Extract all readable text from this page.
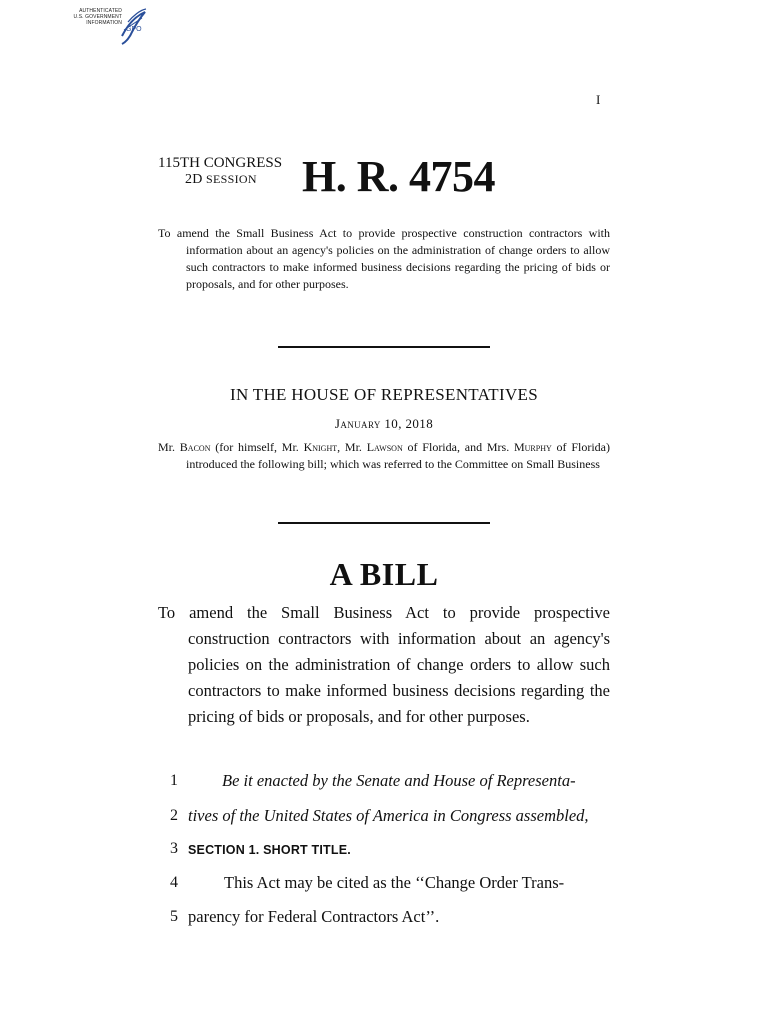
AUTHENTICATED
U.S. GOVERNMENT
INFORMATION
GPO
I
115TH CONGRESS
2D SESSION H. R. 4754
To amend the Small Business Act to provide prospective construction contractors with information about an agency's policies on the administration of change orders to allow such contractors to make informed business decisions regarding the pricing of bids or proposals, and for other purposes.
IN THE HOUSE OF REPRESENTATIVES
January 10, 2018
Mr. Bacon (for himself, Mr. Knight, Mr. Lawson of Florida, and Mrs. Murphy of Florida) introduced the following bill; which was referred to the Committee on Small Business
A BILL
To amend the Small Business Act to provide prospective construction contractors with information about an agency's policies on the administration of change orders to allow such contractors to make informed business decisions regarding the pricing of bids or proposals, and for other purposes.
1	Be it enacted by the Senate and House of Representa-
2 tives of the United States of America in Congress assembled,
3 SECTION 1. SHORT TITLE.
4	This Act may be cited as the ‘‘Change Order Trans-
5 parency for Federal Contractors Act’’.
